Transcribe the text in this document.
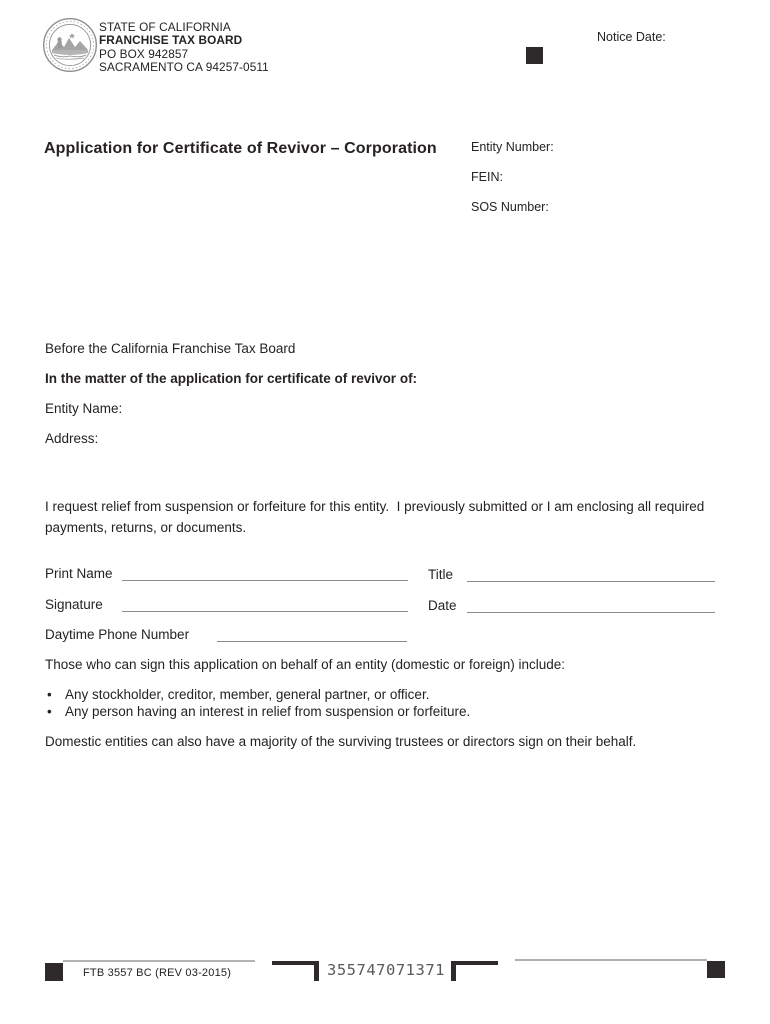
STATE OF CALIFORNIA
FRANCHISE TAX BOARD
PO BOX 942857
SACRAMENTO CA 94257-0511
Notice Date:
Application for Certificate of Revivor – Corporation	Entity Number:
FEIN:
SOS Number:
Before the California Franchise Tax Board
In the matter of the application for certificate of revivor of:
Entity Name:
Address:

I request relief from suspension or forfeiture for this entity.  I previously submitted or I am enclosing all required payments, returns, or documents.

Print Name	Title
Signature	Date
Daytime Phone Number
Those who can sign this application on behalf of an entity (domestic or foreign) include:
• Any stockholder, creditor, member, general partner, or officer.
• Any person having an interest in relief from suspension or forfeiture.
Domestic entities can also have a majority of the surviving trustees or directors sign on their behalf.
FTB 3557 BC (REV 03-2015)	355747071371
